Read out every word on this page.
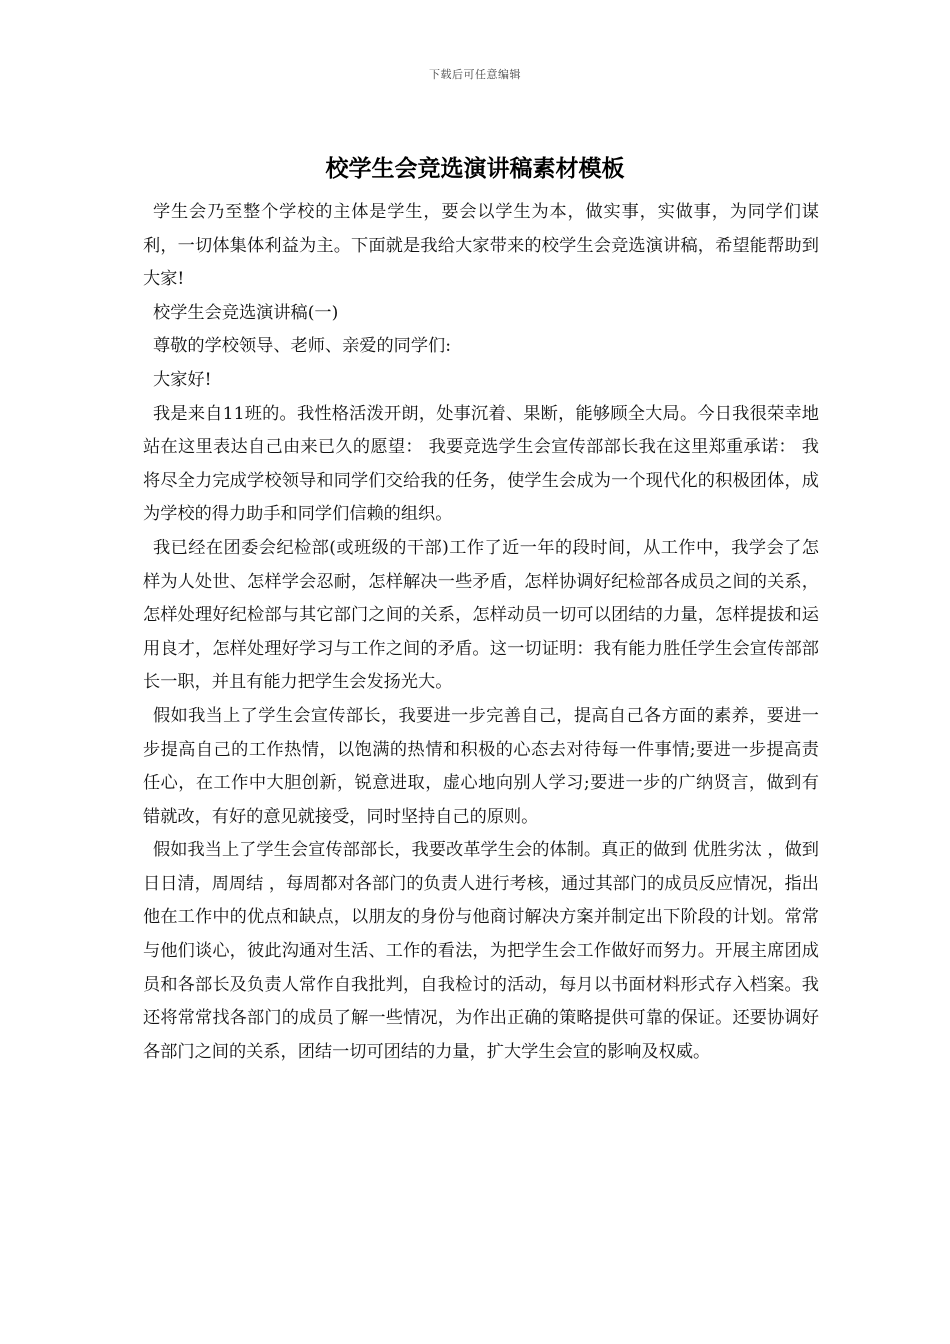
下载后可任意编辑
校学生会竞选演讲稿素材模板

学生会乃至整个学校的主体是学生，要会以学生为本，做实事，实做事，为同学们谋利，一切体集体利益为主。下面就是我给大家带来的校学生会竞选演讲稿，希望能帮助到大家!

校学生会竞选演讲稿(一)

尊敬的学校领导、老师、亲爱的同学们:

大家好!

我是来自11班的。我性格活泼开朗，处事沉着、果断，能够顾全大局。今日我很荣幸地站在这里表达自己由来已久的愿望： 我要竞选学生会宣传部部长我在这里郑重承诺： 我将尽全力完成学校领导和同学们交给我的任务，使学生会成为一个现代化的积极团体，成为学校的得力助手和同学们信赖的组织。

我已经在团委会纪检部(或班级的干部)工作了近一年的段时间，从工作中，我学会了怎样为人处世、怎样学会忍耐，怎样解决一些矛盾，怎样协调好纪检部各成员之间的关系，怎样处理好纪检部与其它部门之间的关系，怎样动员一切可以团结的力量，怎样提拔和运用良才，怎样处理好学习与工作之间的矛盾。这一切证明：我有能力胜任学生会宣传部部长一职，并且有能力把学生会发扬光大。

假如我当上了学生会宣传部长，我要进一步完善自己，提高自己各方面的素养，要进一步提高自己的工作热情，以饱满的热情和积极的心态去对待每一件事情;要进一步提高责任心，在工作中大胆创新，锐意进取，虚心地向别人学习;要进一步的广纳贤言，做到有错就改，有好的意见就接受，同时坚持自己的原则。

假如我当上了学生会宣传部部长，我要改革学生会的体制。真正的做到 优胜劣汰 ，做到 日日清，周周结 ，每周都对各部门的负责人进行考核，通过其部门的成员反应情况，指出他在工作中的优点和缺点，以朋友的身份与他商讨解决方案并制定出下阶段的计划。常常与他们谈心，彼此沟通对生活、工作的看法，为把学生会工作做好而努力。开展主席团成员和各部长及负责人常作自我批判，自我检讨的活动，每月以书面材料形式存入档案。我还将常常找各部门的成员了解一些情况，为作出正确的策略提供可靠的保证。还要协调好各部门之间的关系，团结一切可团结的力量，扩大学生会宣的影响及权威。
